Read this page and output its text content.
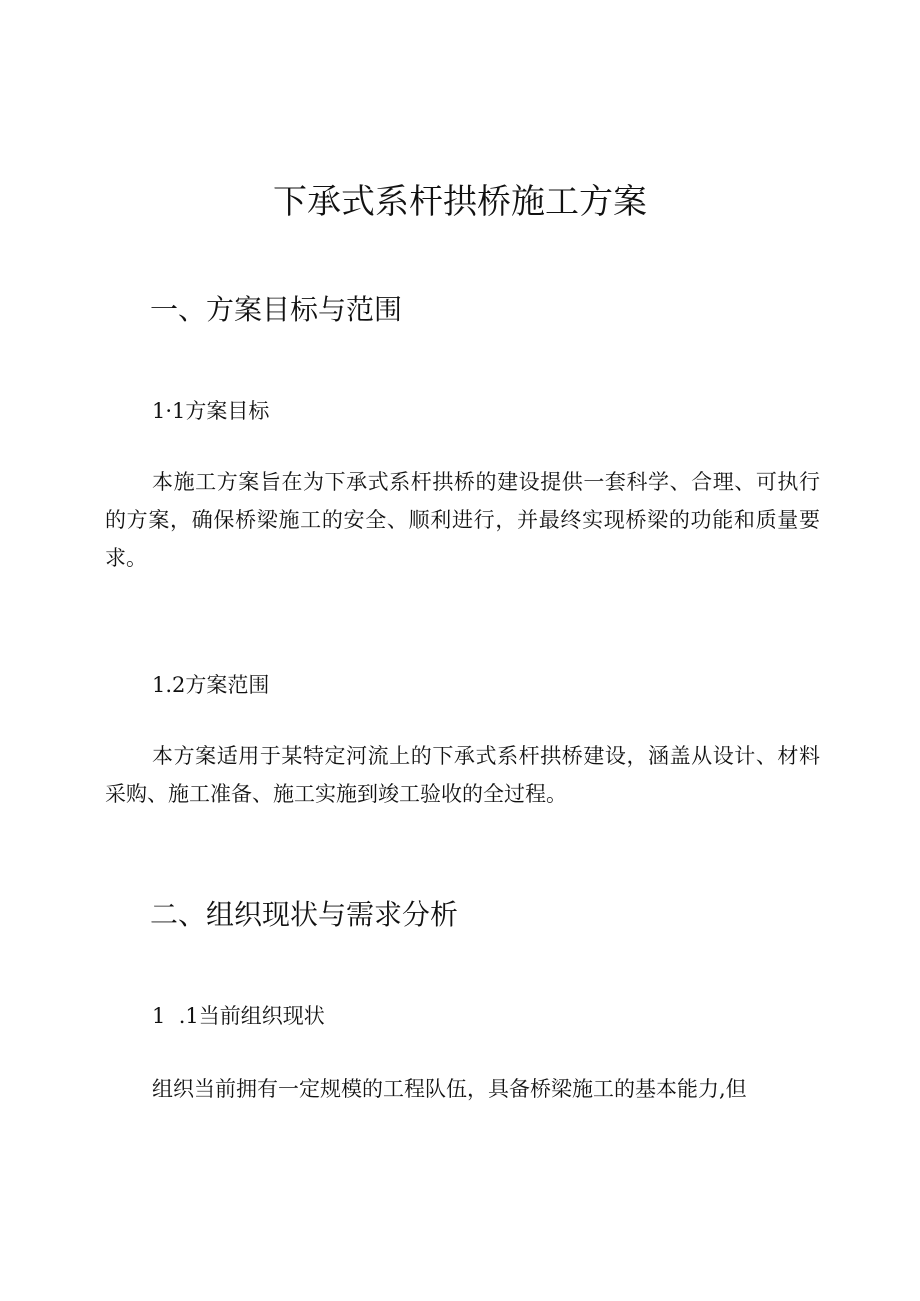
下承式系杆拱桥施工方案
一、方案目标与范围
1·1方案目标

本施工方案旨在为下承式系杆拱桥的建设提供一套科学、合理、可执行的方案，确保桥梁施工的安全、顺利进行，并最终实现桥梁的功能和质量要求。

1.2方案范围

本方案适用于某特定河流上的下承式系杆拱桥建设，涵盖从设计、材料采购、施工准备、施工实施到竣工验收的全过程。

二、组织现状与需求分析
1  .1当前组织现状

组织当前拥有一定规模的工程队伍，具备桥梁施工的基本能力,但
